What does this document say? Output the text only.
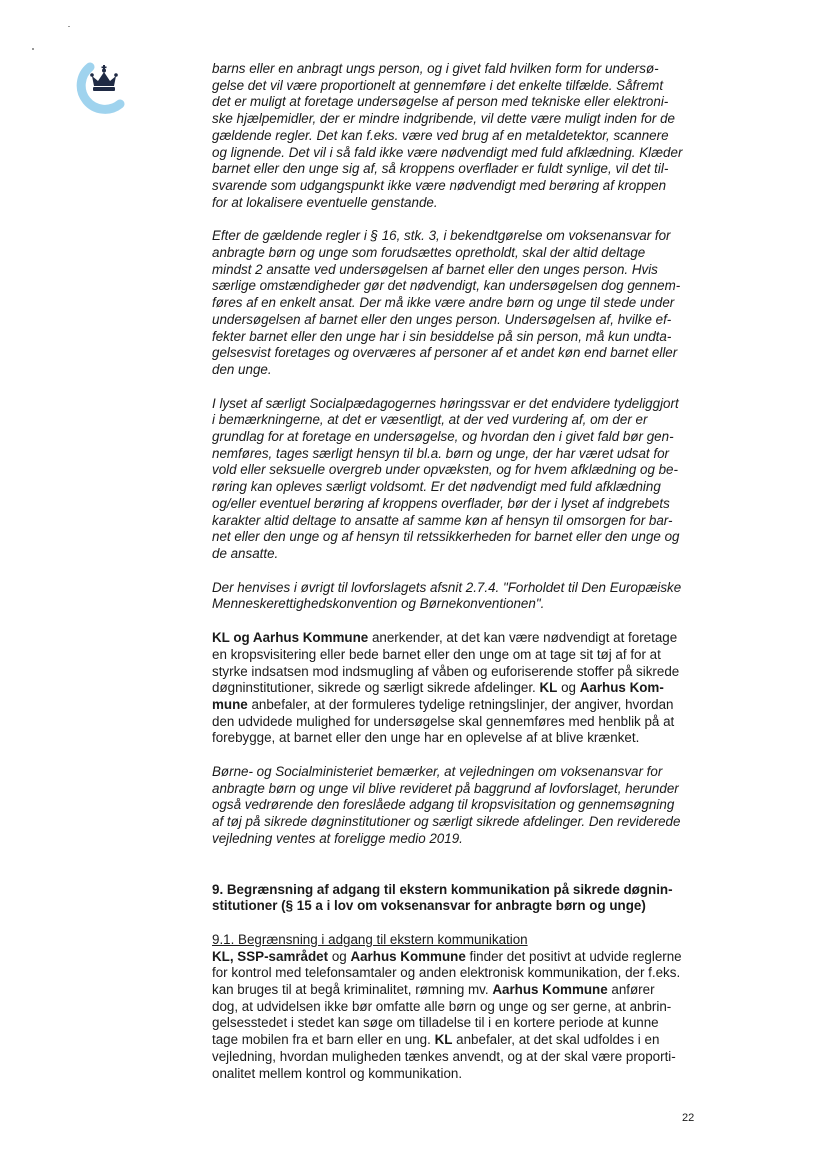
barns eller en anbragt ungs person, og i givet fald hvilken form for undersø-
gelse det vil være proportionelt at gennemføre i det enkelte tilfælde. Såfremt
det er muligt at foretage undersøgelse af person med tekniske eller elektroni-
ske hjælpemidler, der er mindre indgribende, vil dette være muligt inden for de
gældende regler. Det kan f.eks. være ved brug af en metaldetektor, scannere
og lignende. Det vil i så fald ikke være nødvendigt med fuld afklædning. Klæder
barnet eller den unge sig af, så kroppens overflader er fuldt synlige, vil det til-
svarende som udgangspunkt ikke være nødvendigt med berøring af kroppen
for at lokalisere eventuelle genstande.
Efter de gældende regler i § 16, stk. 3, i bekendtgørelse om voksenansvar for
anbragte børn og unge som forudsættes opretholdt, skal der altid deltage
mindst 2 ansatte ved undersøgelsen af barnet eller den unges person. Hvis
særlige omstændigheder gør det nødvendigt, kan undersøgelsen dog gennem-
føres af en enkelt ansat. Der må ikke være andre børn og unge til stede under
undersøgelsen af barnet eller den unges person. Undersøgelsen af, hvilke ef-
fekter barnet eller den unge har i sin besiddelse på sin person, må kun undta-
gelsesvist foretages og overværes af personer af et andet køn end barnet eller
den unge.
I lyset af særligt Socialpædagogernes høringssvar er det endvidere tydeliggjort
i bemærkningerne, at det er væsentligt, at der ved vurdering af, om der er
grundlag for at foretage en undersøgelse, og hvordan den i givet fald bør gen-
nemføres, tages særligt hensyn til bl.a. børn og unge, der har været udsat for
vold eller seksuelle overgreb under opvæksten, og for hvem afklædning og be-
røring kan opleves særligt voldsomt. Er det nødvendigt med fuld afklædning
og/eller eventuel berøring af kroppens overflader, bør der i lyset af indgrebets
karakter altid deltage to ansatte af samme køn af hensyn til omsorgen for bar-
net eller den unge og af hensyn til retssikkerheden for barnet eller den unge og
de ansatte.
Der henvises i øvrigt til lovforslagets afsnit 2.7.4. "Forholdet til Den Europæiske
Menneskerettighedskonvention og Børnekonventionen".
KL og Aarhus Kommune anerkender, at det kan være nødvendigt at foretage
en kropsvisitering eller bede barnet eller den unge om at tage sit tøj af for at
styrke indsatsen mod indsmugling af våben og euforiserende stoffer på sikrede
døgninstitutioner, sikrede og særligt sikrede afdelinger. KL og Aarhus Kom-
mune anbefaler, at der formuleres tydelige retningslinjer, der angiver, hvordan
den udvidede mulighed for undersøgelse skal gennemføres med henblik på at
forebygge, at barnet eller den unge har en oplevelse af at blive krænket.
Børne- og Socialministeriet bemærker, at vejledningen om voksenansvar for
anbragte børn og unge vil blive revideret på baggrund af lovforslaget, herunder
også vedrørende den foreslåede adgang til kropsvisitation og gennemsøgning
af tøj på sikrede døgninstitutioner og særligt sikrede afdelinger. Den reviderede
vejledning ventes at foreligge medio 2019.
9. Begrænsning af adgang til ekstern kommunikation på sikrede døgnin-
stitutioner (§ 15 a i lov om voksenansvar for anbragte børn og unge)
9.1. Begrænsning i adgang til ekstern kommunikation
KL, SSP-samrådet og Aarhus Kommune finder det positivt at udvide reglerne
for kontrol med telefonsamtaler og anden elektronisk kommunikation, der f.eks.
kan bruges til at begå kriminalitet, rømning mv. Aarhus Kommune anfører
dog, at udvidelsen ikke bør omfatte alle børn og unge og ser gerne, at anbrin-
gelsesstedet i stedet kan søge om tilladelse til i en kortere periode at kunne
tage mobilen fra et barn eller en ung. KL anbefaler, at det skal udfoldes i en
vejledning, hvordan muligheden tænkes anvendt, og at der skal være proporti-
onalitet mellem kontrol og kommunikation.
22
